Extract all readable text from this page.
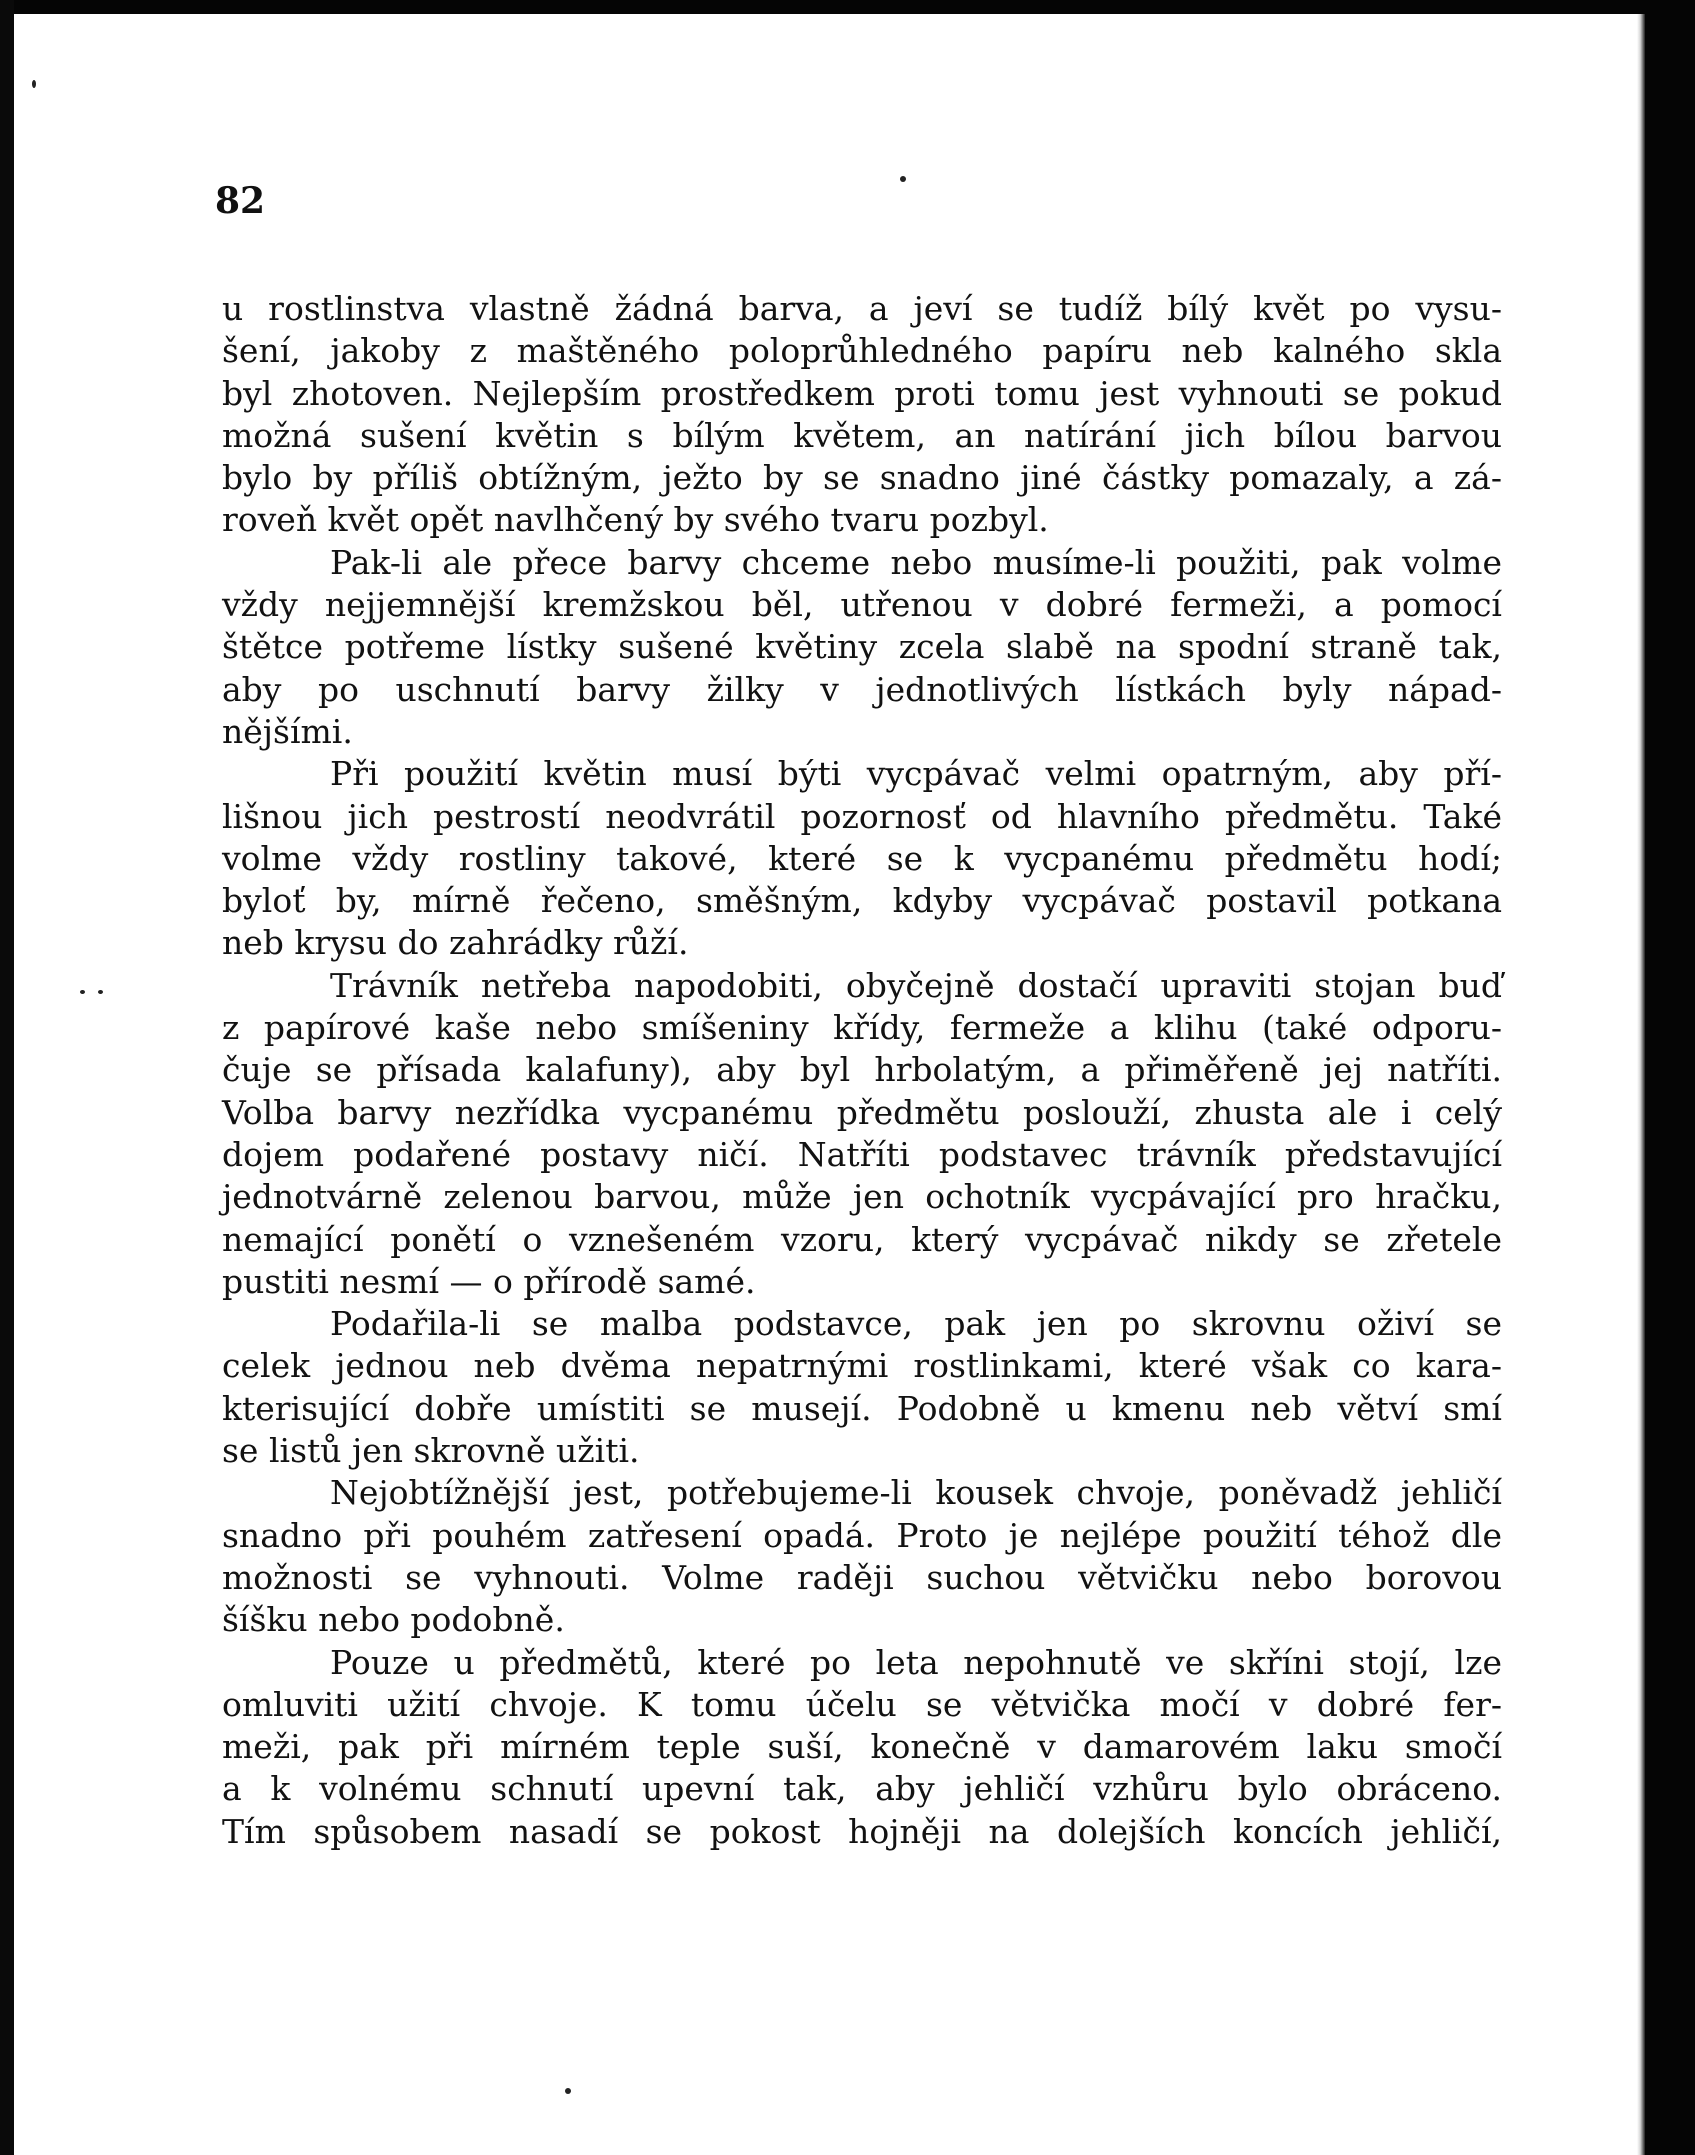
82
u rostlinstva vlastně žádná barva, a jeví se tudíž bílý květ po vysu-
šení, jakoby z maštěného poloprůhledného papíru neb kalného skla
byl zhotoven. Nejlepším prostředkem proti tomu jest vyhnouti se pokud
možná sušení květin s bílým květem, an natírání jich bílou barvou
bylo by příliš obtížným, ježto by se snadno jiné částky pomazaly, a zá-
roveň květ opět navlhčený by svého tvaru pozbyl.
Pak-li ale přece barvy chceme nebo musíme-li použiti, pak volme
vždy nejjemnější kremžskou běl, utřenou v dobré fermeži, a pomocí
štětce potřeme lístky sušené květiny zcela slabě na spodní straně tak,
aby po uschnutí barvy žilky v jednotlivých lístkách byly nápad-
nějšími.
Při použití květin musí býti vycpávač velmi opatrným, aby pří-
lišnou jich pestrostí neodvrátil pozornosť od hlavního předmětu. Také
volme vždy rostliny takové, které se k vycpanému předmětu hodí;
byloť by, mírně řečeno, směšným, kdyby vycpávač postavil potkana
neb krysu do zahrádky růží.
Trávník netřeba napodobiti, obyčejně dostačí upraviti stojan buď
z papírové kaše nebo smíšeniny křídy, fermeže a klihu (také odporu-
čuje se přísada kalafuny), aby byl hrbolatým, a přiměřeně jej natříti.
Volba barvy nezřídka vycpanému předmětu poslouží, zhusta ale i celý
dojem podařené postavy ničí. Natříti podstavec trávník představující
jednotvárně zelenou barvou, může jen ochotník vycpávající pro hračku,
nemající ponětí o vznešeném vzoru, který vycpávač nikdy se zřetele
pustiti nesmí — o přírodě samé.
Podařila-li se malba podstavce, pak jen po skrovnu oživí se
celek jednou neb dvěma nepatrnými rostlinkami, které však co kara-
kterisující dobře umístiti se musejí. Podobně u kmenu neb větví smí
se listů jen skrovně užiti.
Nejobtížnější jest, potřebujeme-li kousek chvoje, poněvadž jehličí
snadno při pouhém zatřesení opadá. Proto je nejlépe použití téhož dle
možnosti se vyhnouti. Volme raději suchou větvičku nebo borovou
šíšku nebo podobně.
Pouze u předmětů, které po leta nepohnutě ve skříni stojí, lze
omluviti užití chvoje. K tomu účelu se větvička močí v dobré fer-
meži, pak při mírném teple suší, konečně v damarovém laku smočí
a k volnému schnutí upevní tak, aby jehličí vzhůru bylo obráceno.
Tím spůsobem nasadí se pokost hojněji na dolejších koncích jehličí,
